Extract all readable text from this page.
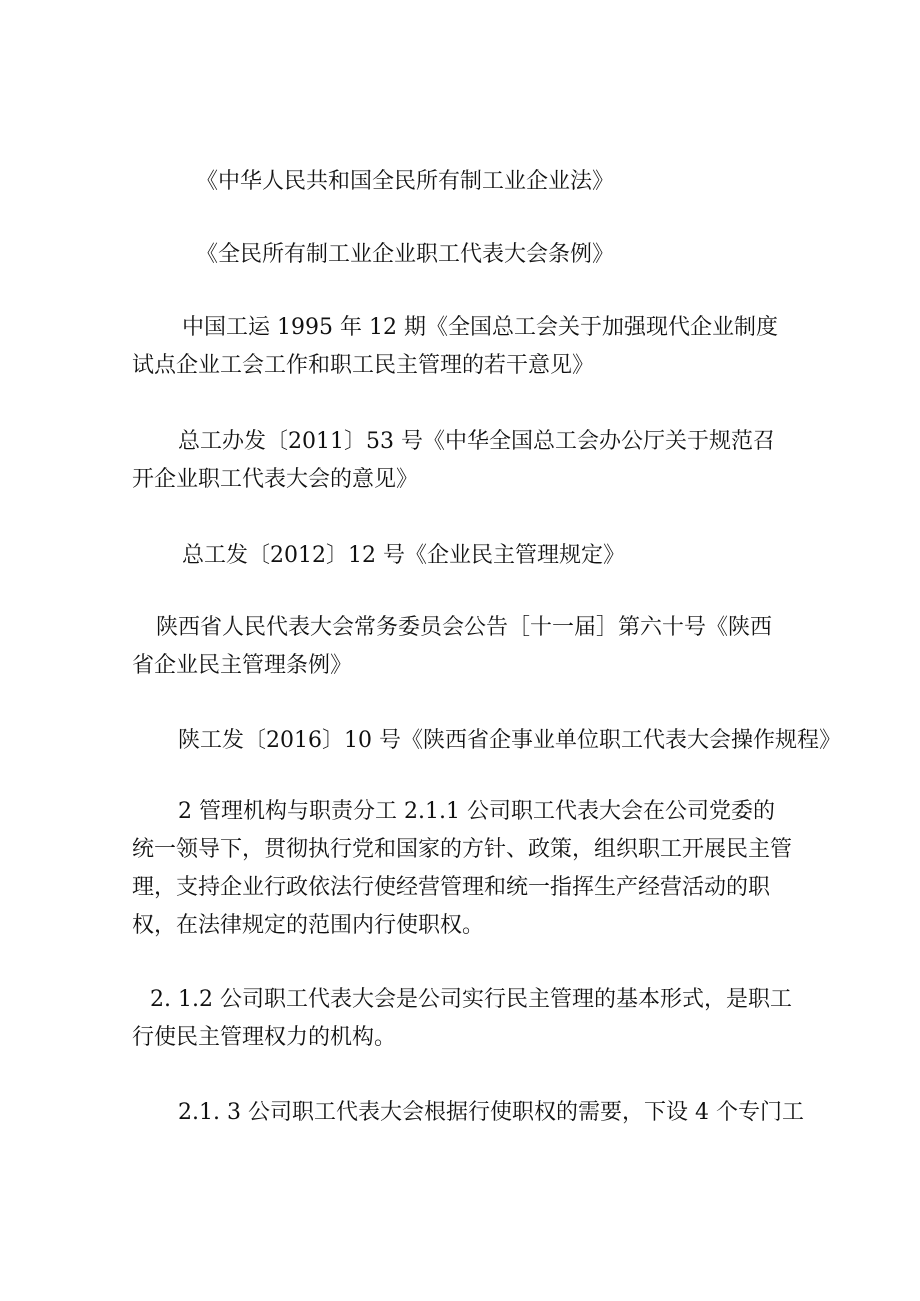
《中华人民共和国全民所有制工业企业法》

《全民所有制工业企业职工代表大会条例》

中国工运 1995 年 12 期《全国总工会关于加强现代企业制度试点企业工会工作和职工民主管理的若干意见》

总工办发〔2011〕53 号《中华全国总工会办公厅关于规范召开企业职工代表大会的意见》

总工发〔2012〕12 号《企业民主管理规定》

陕西省人民代表大会常务委员会公告［十一届］第六十号《陕西省企业民主管理条例》

陕工发〔2016〕10 号《陕西省企事业单位职工代表大会操作规程》

2 管理机构与职责分工 2.1.1 公司职工代表大会在公司党委的统一领导下，贯彻执行党和国家的方针、政策，组织职工开展民主管理，支持企业行政依法行使经营管理和统一指挥生产经营活动的职权，在法律规定的范围内行使职权。

2. 1.2 公司职工代表大会是公司实行民主管理的基本形式，是职工行使民主管理权力的机构。

2.1. 3 公司职工代表大会根据行使职权的需要，下设 4 个专门工
